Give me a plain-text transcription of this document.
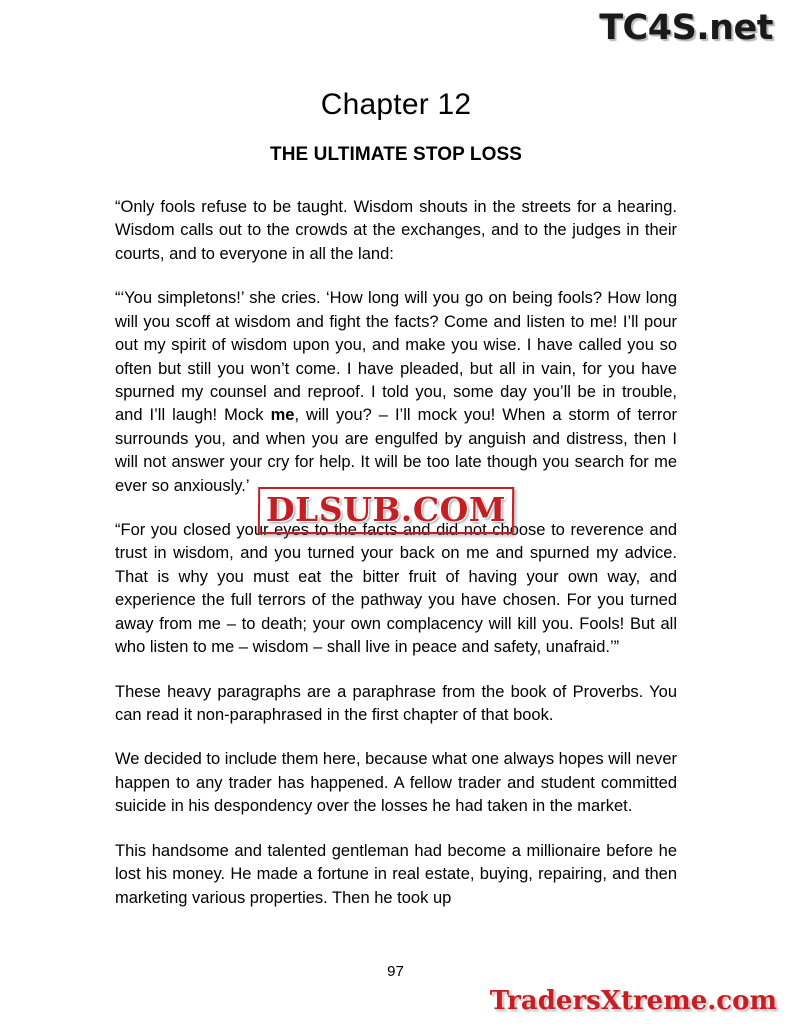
TC4S.net
Chapter 12
THE ULTIMATE STOP LOSS

“Only fools refuse to be taught. Wisdom shouts in the streets for a hearing. Wisdom calls out to the crowds at the exchanges, and to the judges in their courts, and to everyone in all the land:

“‘You simpletons!’ she cries. ‘How long will you go on being fools? How long will you scoff at wisdom and fight the facts? Come and listen to me! I’ll pour out my spirit of wisdom upon you, and make you wise. I have called you so often but still you won’t come. I have pleaded, but all in vain, for you have spurned my counsel and reproof. I told you, some day you’ll be in trouble, and I’ll laugh! Mock me, will you? – I’ll mock you! When a storm of terror surrounds you, and when you are engulfed by anguish and distress, then I will not answer your cry for help. It will be too late though you search for me ever so anxiously.’

“For you closed your eyes to the facts and did not choose to reverence and trust in wisdom, and you turned your back on me and spurned my advice. That is why you must eat the bitter fruit of having your own way, and experience the full terrors of the pathway you have chosen. For you turned away from me – to death; your own complacency will kill you. Fools! But all who listen to me – wisdom – shall live in peace and safety, unafraid.’”

These heavy paragraphs are a paraphrase from the book of Proverbs. You can read it non-paraphrased in the first chapter of that book.

We decided to include them here, because what one always hopes will never happen to any trader has happened. A fellow trader and student committed suicide in his despondency over the losses he had taken in the market.

This handsome and talented gentleman had become a millionaire before he lost his money. He made a fortune in real estate, buying, repairing, and then marketing various properties. Then he took up

DLSUB.COM
97
TradersXtreme.com
